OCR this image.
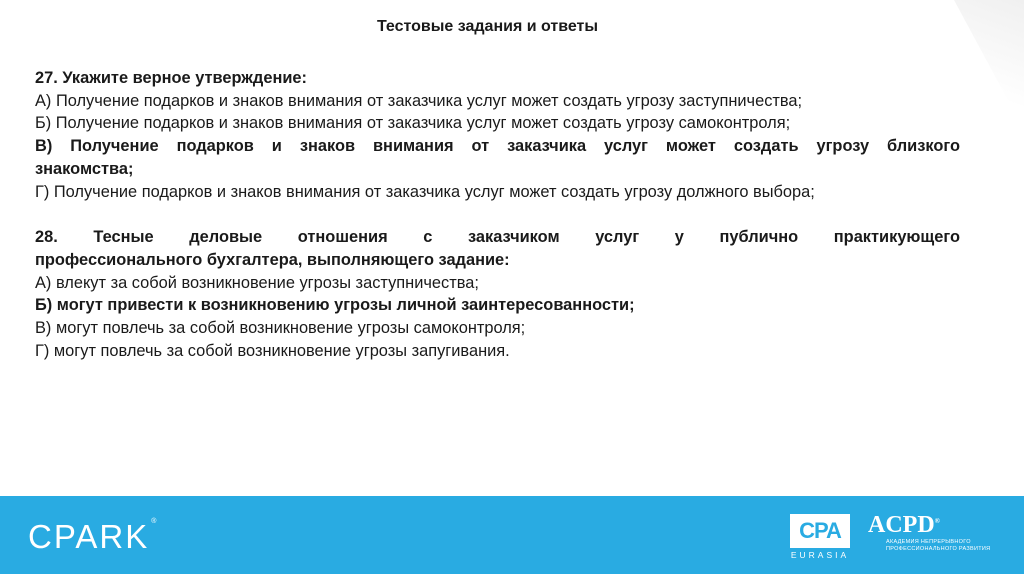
Тестовые задания и ответы

27. Укажите верное утверждение:

А) Получение подарков и знаков внимания от заказчика услуг может создать угрозу заступничества;

Б) Получение подарков и знаков внимания от заказчика услуг может создать угрозу самоконтроля;

В) Получение подарков и знаков внимания от заказчика услуг может создать угрозу близкого

знакомства;

Г) Получение подарков и знаков внимания от заказчика услуг может создать угрозу должного выбора;

28. Тесные деловые отношения с заказчиком услуг у публично практикующего

профессионального бухгалтера, выполняющего задание:

А) влекут за собой возникновение угрозы заступничества;

Б) могут привести к возникновению угрозы личной заинтересованности;

В) могут повлечь за собой возникновение угрозы самоконтроля;

Г) могут повлечь за собой возникновение угрозы запугивания.

CPARK ®	CPA
EURASIA
ACPD®
АКАДЕМИЯ НЕПРЕРЫВНОГО
ПРОФЕССИОНАЛЬНОГО РАЗВИТИЯ
